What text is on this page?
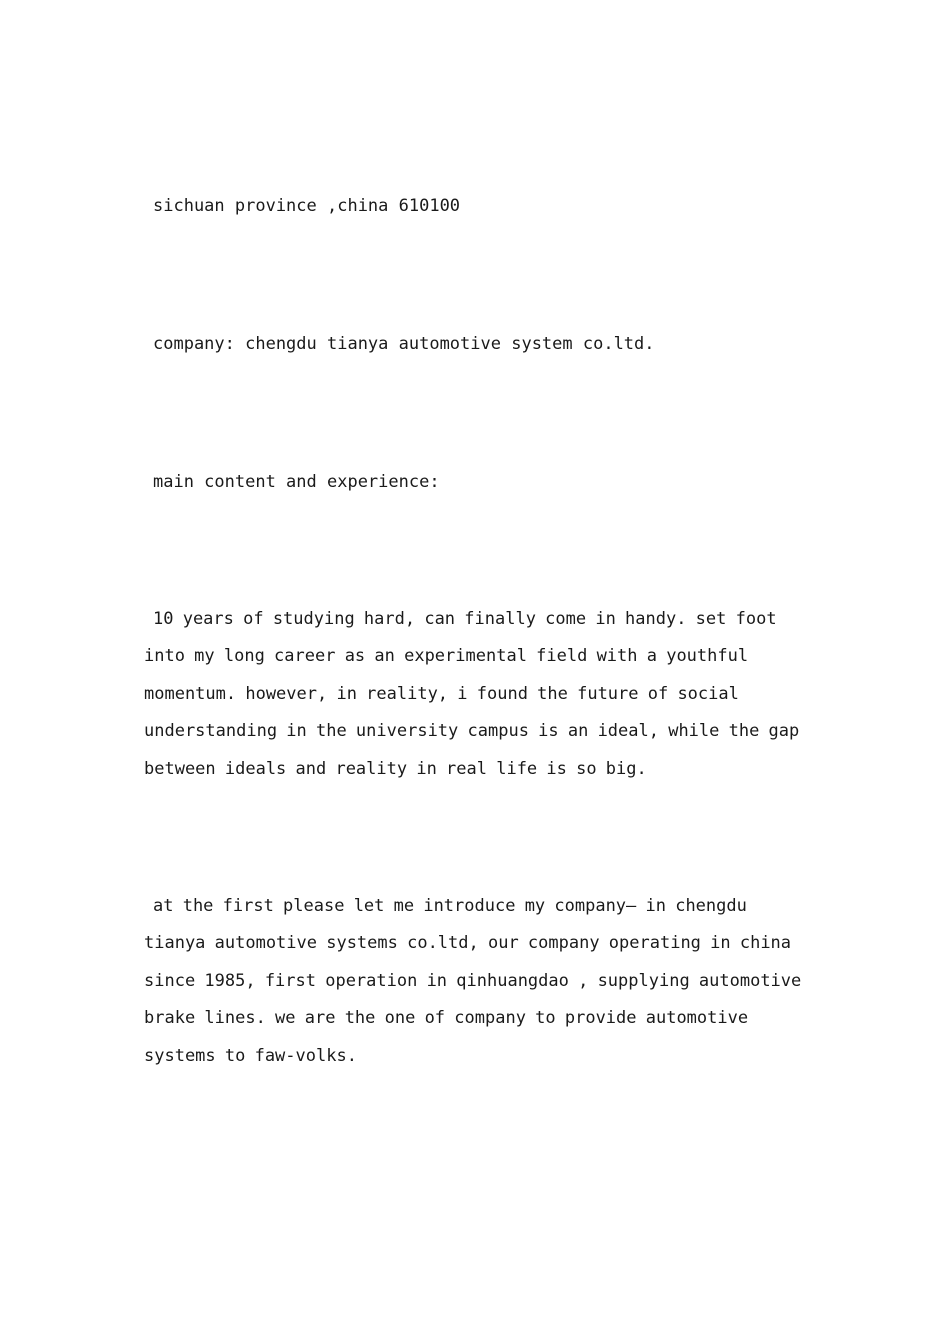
sichuan province ,china 610100

company: chengdu tianya automotive system co.ltd.

main content and experience:

10 years of studying hard, can finally come in handy. set foot into my long career as an experimental field with a youthful momentum. however, in reality, i found the future of social understanding in the university campus is an ideal, while the gap between ideals and reality in real life is so big.

at the first please let me introduce my company— in chengdu tianya automotive systems co.ltd, our company operating in china since 1985, first operation in qinhuangdao , supplying automotive brake lines. we are the one of company to provide automotive systems to faw-volks.
